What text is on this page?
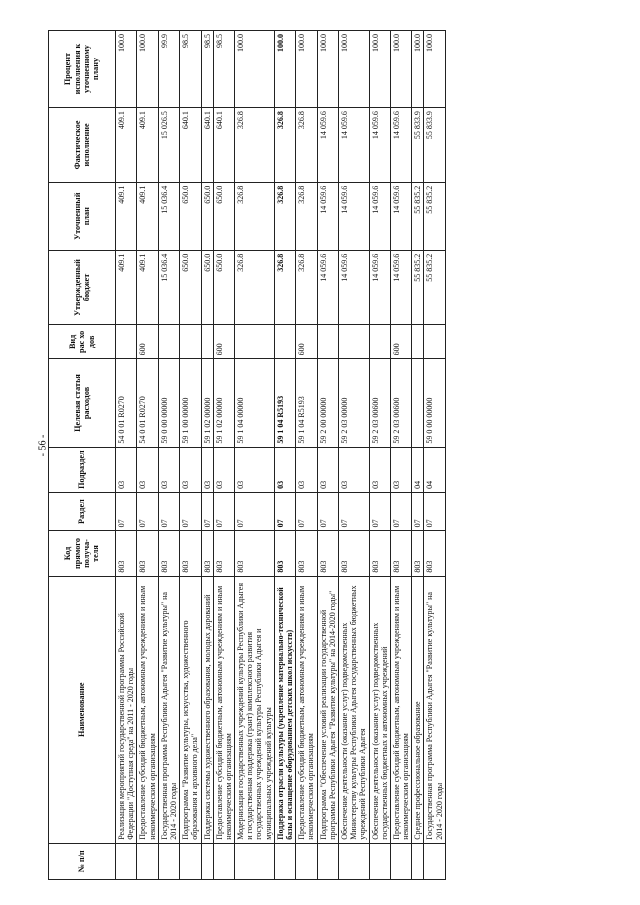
- 56 -
№ п/п	Наименование	Код прямого получа-теля	Раздел	Подраздел	Целевая статья расходов	Вид рас хо дов	Утвержденный бюджет	Уточненный план	Фактическое исполнение	Процент исполнения к уточненному плану
	Реализация мероприятий государственной программы Российской Федерации "Доступная среда" на 2011 - 2020 годы	803	07	03	54 0 01 R0270		409.1	409.1	409.1	100.0
	Предоставление субсидий бюджетным, автономным учреждениям и иным некоммерческим организациям	803	07	03	54 0 01 R0270	600	409.1	409.1	409.1	100.0
	Государственная программа Республики Адыгея "Развитие культуры" на 2014 - 2020 годы	803	07	03	59 0 00 00000		15 036.4	15 036.4	15 026.5	99.9
	Подпрограмма "Развитие культуры, искусства, художественного образования и архивного дела"	803	07	03	59 1 00 00000		650.0	650.0	640.1	98.5
	Поддержка системы художественного образования, молодых дарований	803	07	03	59 1 02 00000		650.0	650.0	640.1	98.5
	Предоставление субсидий бюджетным, автономным учреждениям и иным некоммерческим организациям	803	07	03	59 1 02 00000	600	650.0	650.0	640.1	98.5
	Модернизация государственных учреждений культуры Республики Адыгея и государственная поддержка (грант) комплексного развития государственных учреждений культуры Республики Адыгея и муниципальных учреждений культуры	803	07	03	59 1 04 00000		326.8	326.8	326.8	100.0
	Поддержка отрасли культуры (укрепление материально-технической базы и оснащение оборудованием детских школ искусств)	803	07	03	59 1 04 R5193		326.8	326.8	326.8	100.0
	Предоставление субсидий бюджетным, автономным учреждениям и иным некоммерческим организациям	803	07	03	59 1 04 R5193	600	326.8	326.8	326.8	100.0
	Подпрограмма "Обеспечение условий реализации государственной программы Республики Адыгея "Развитие культуры" на 2014-2020 годы"	803	07	03	59 2 00 00000		14 059.6	14 059.6	14 059.6	100.0
	Обеспечение деятельности (оказание услуг) подведомственных Министерству культуры Республики Адыгея государственных бюджетных учреждений Республики Адыгея	803	07	03	59 2 03 00000		14 059.6	14 059.6	14 059.6	100.0
	Обеспечение деятельности (оказание услуг) подведомственных государственных бюджетных и автономных учреждений	803	07	03	59 2 03 00600		14 059.6	14 059.6	14 059.6	100.0
	Предоставление субсидий бюджетным, автономным учреждениям и иным некоммерческим организациям	803	07	03	59 2 03 00600	600	14 059.6	14 059.6	14 059.6	100.0
	Среднее профессиональное образование	803	07	04			55 835.2	55 835.2	55 833.9	100.0
	Государственная программа Республики Адыгея "Развитие культуры" на 2014 - 2020 годы	803	07	04	59 0 00 00000		55 835.2	55 835.2	55 833.9	100.0
